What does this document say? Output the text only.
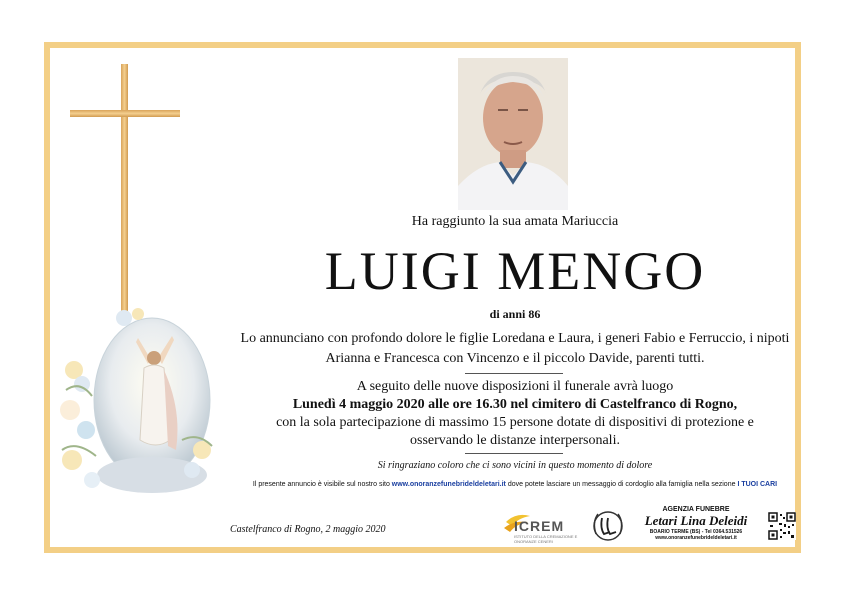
Ha raggiunto la sua amata Mariuccia
LUIGI MENGO
di anni 86
Lo annunciano con profondo dolore le figlie Loredana e Laura, i generi Fabio e Ferruccio, i nipoti
Arianna e Francesca con Vincenzo e il piccolo Davide, parenti tutti.
A seguito delle nuove disposizioni il funerale avrà luogo
Lunedì 4 maggio 2020 alle ore 16.30 nel cimitero di Castelfranco di Rogno,
con la sola partecipazione di massimo 15 persone dotate di dispositivi di protezione e
osservando le distanze interpersonali.
Si ringraziano coloro che ci sono vicini in questo momento di dolore
Il presente annuncio è visibile sul nostro sito www.onoranzefunebrideldeletari.it dove potete lasciare un messaggio di cordoglio alla famiglia nella sezione I TUOI CARI
Castelfranco di Rogno, 2 maggio 2020	ICREM
ISTITUTO DELLA CREMAZIONE E ONORANZE CENERI
AGENZIA FUNEBRE
Letari Lina Deleidi
BOARIO TERME (BS) - Tel 0364.531526
www.onoranzefunebrideldeletari.it
